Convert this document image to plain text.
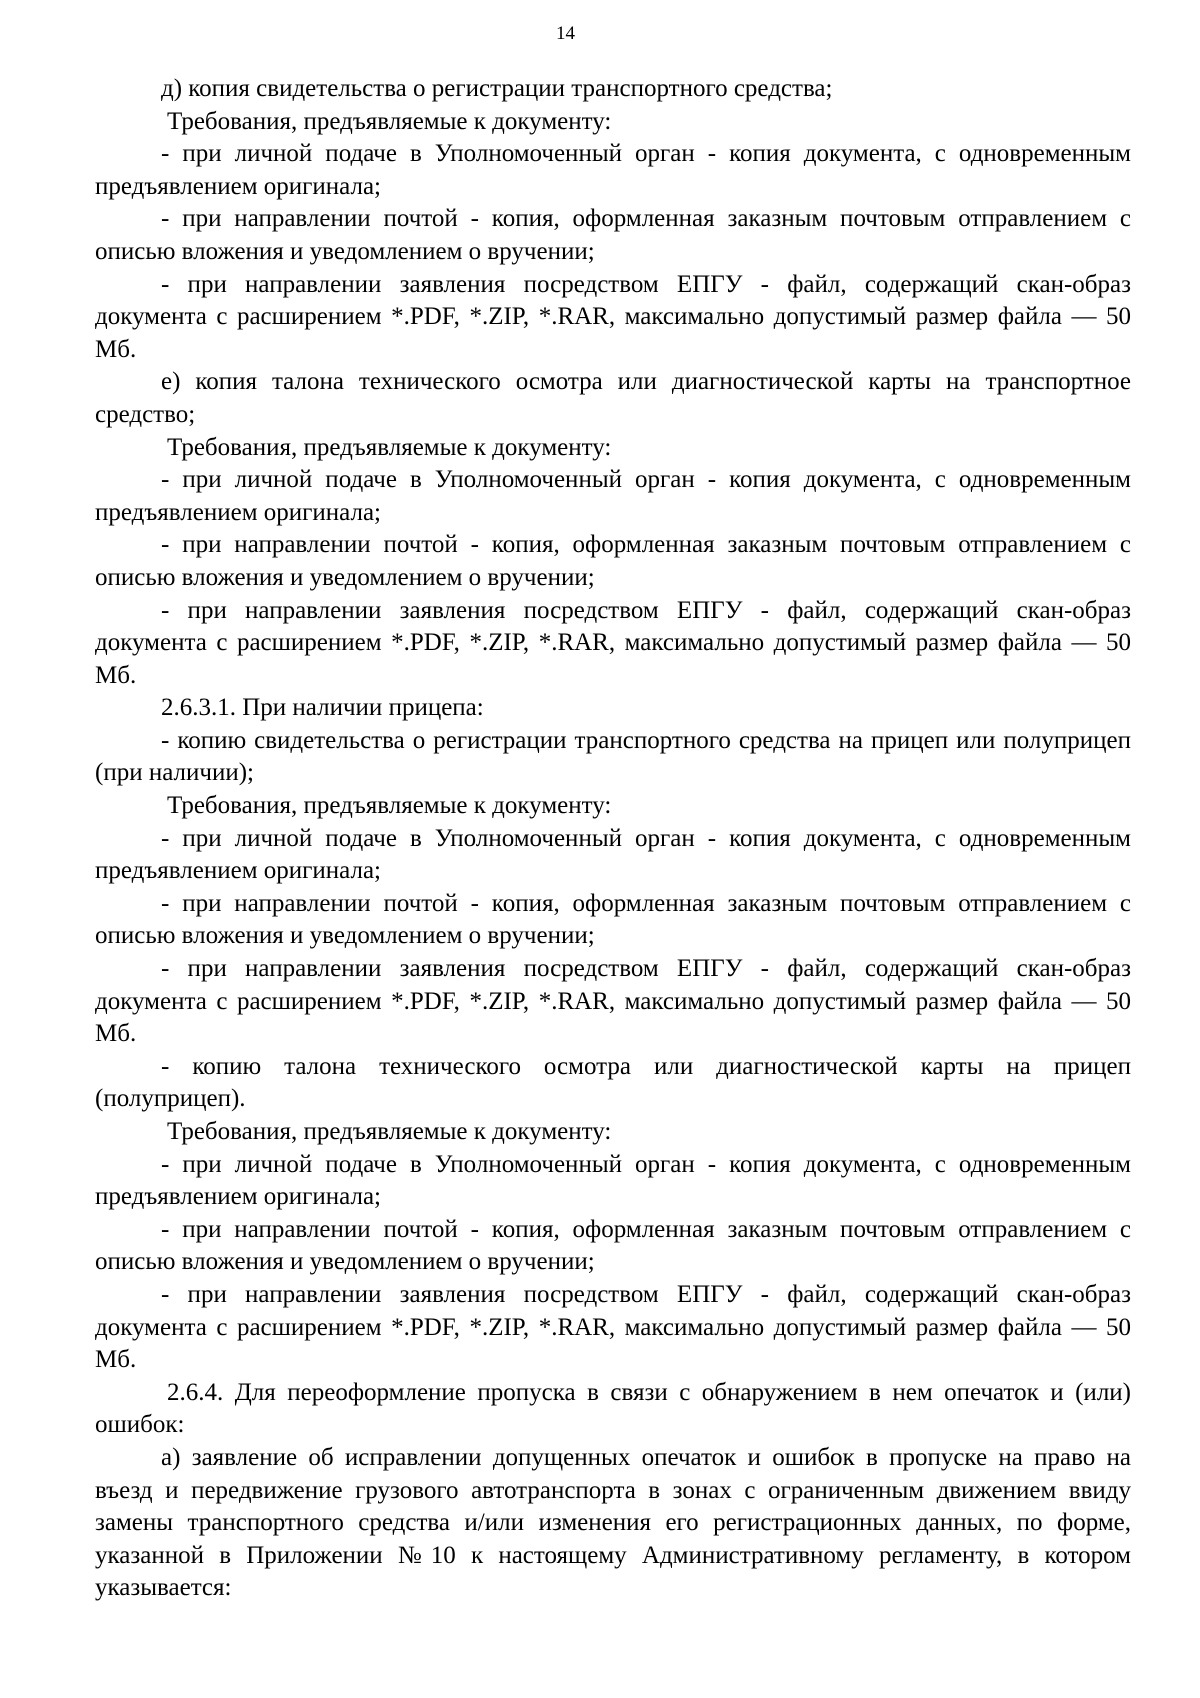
14

д) копия свидетельства о регистрации транспортного средства;

Требования, предъявляемые к документу:

- при личной подаче в Уполномоченный орган - копия документа, с одновременным предъявлением оригинала;

- при направлении почтой - копия, оформленная заказным почтовым отправлением с описью вложения и уведомлением о вручении;

- при направлении заявления посредством ЕПГУ - файл, содержащий скан-образ документа с расширением *.PDF, *.ZIP, *.RAR, максимально допустимый размер файла — 50 Мб.

е) копия талона технического осмотра или диагностической карты на транспортное средство;

Требования, предъявляемые к документу:

- при личной подаче в Уполномоченный орган - копия документа, с одновременным предъявлением оригинала;

- при направлении почтой - копия, оформленная заказным почтовым отправлением с описью вложения и уведомлением о вручении;

- при направлении заявления посредством ЕПГУ - файл, содержащий скан-образ документа с расширением *.PDF, *.ZIP, *.RAR, максимально допустимый размер файла — 50 Мб.

2.6.3.1. При наличии прицепа:

- копию свидетельства о регистрации транспортного средства на прицеп или полуприцеп (при наличии);

Требования, предъявляемые к документу:

- при личной подаче в Уполномоченный орган - копия документа, с одновременным предъявлением оригинала;

- при направлении почтой - копия, оформленная заказным почтовым отправлением с описью вложения и уведомлением о вручении;

- при направлении заявления посредством ЕПГУ - файл, содержащий скан-образ документа с расширением *.PDF, *.ZIP, *.RAR, максимально допустимый размер файла — 50 Мб.

- копию талона технического осмотра или диагностической карты на прицеп (полуприцеп).

Требования, предъявляемые к документу:

- при личной подаче в Уполномоченный орган - копия документа, с одновременным предъявлением оригинала;

- при направлении почтой - копия, оформленная заказным почтовым отправлением с описью вложения и уведомлением о вручении;

- при направлении заявления посредством ЕПГУ - файл, содержащий скан-образ документа с расширением *.PDF, *.ZIP, *.RAR, максимально допустимый размер файла — 50 Мб.

2.6.4. Для переоформление пропуска в связи с обнаружением в нем опечаток и (или) ошибок:

а) заявление об исправлении допущенных опечаток и ошибок в пропуске на право на въезд и передвижение грузового автотранспорта в зонах с ограниченным движением ввиду замены транспортного средства и/или изменения его регистрационных данных, по форме, указанной в Приложении №10 к настоящему Административному регламенту, в котором указывается:
